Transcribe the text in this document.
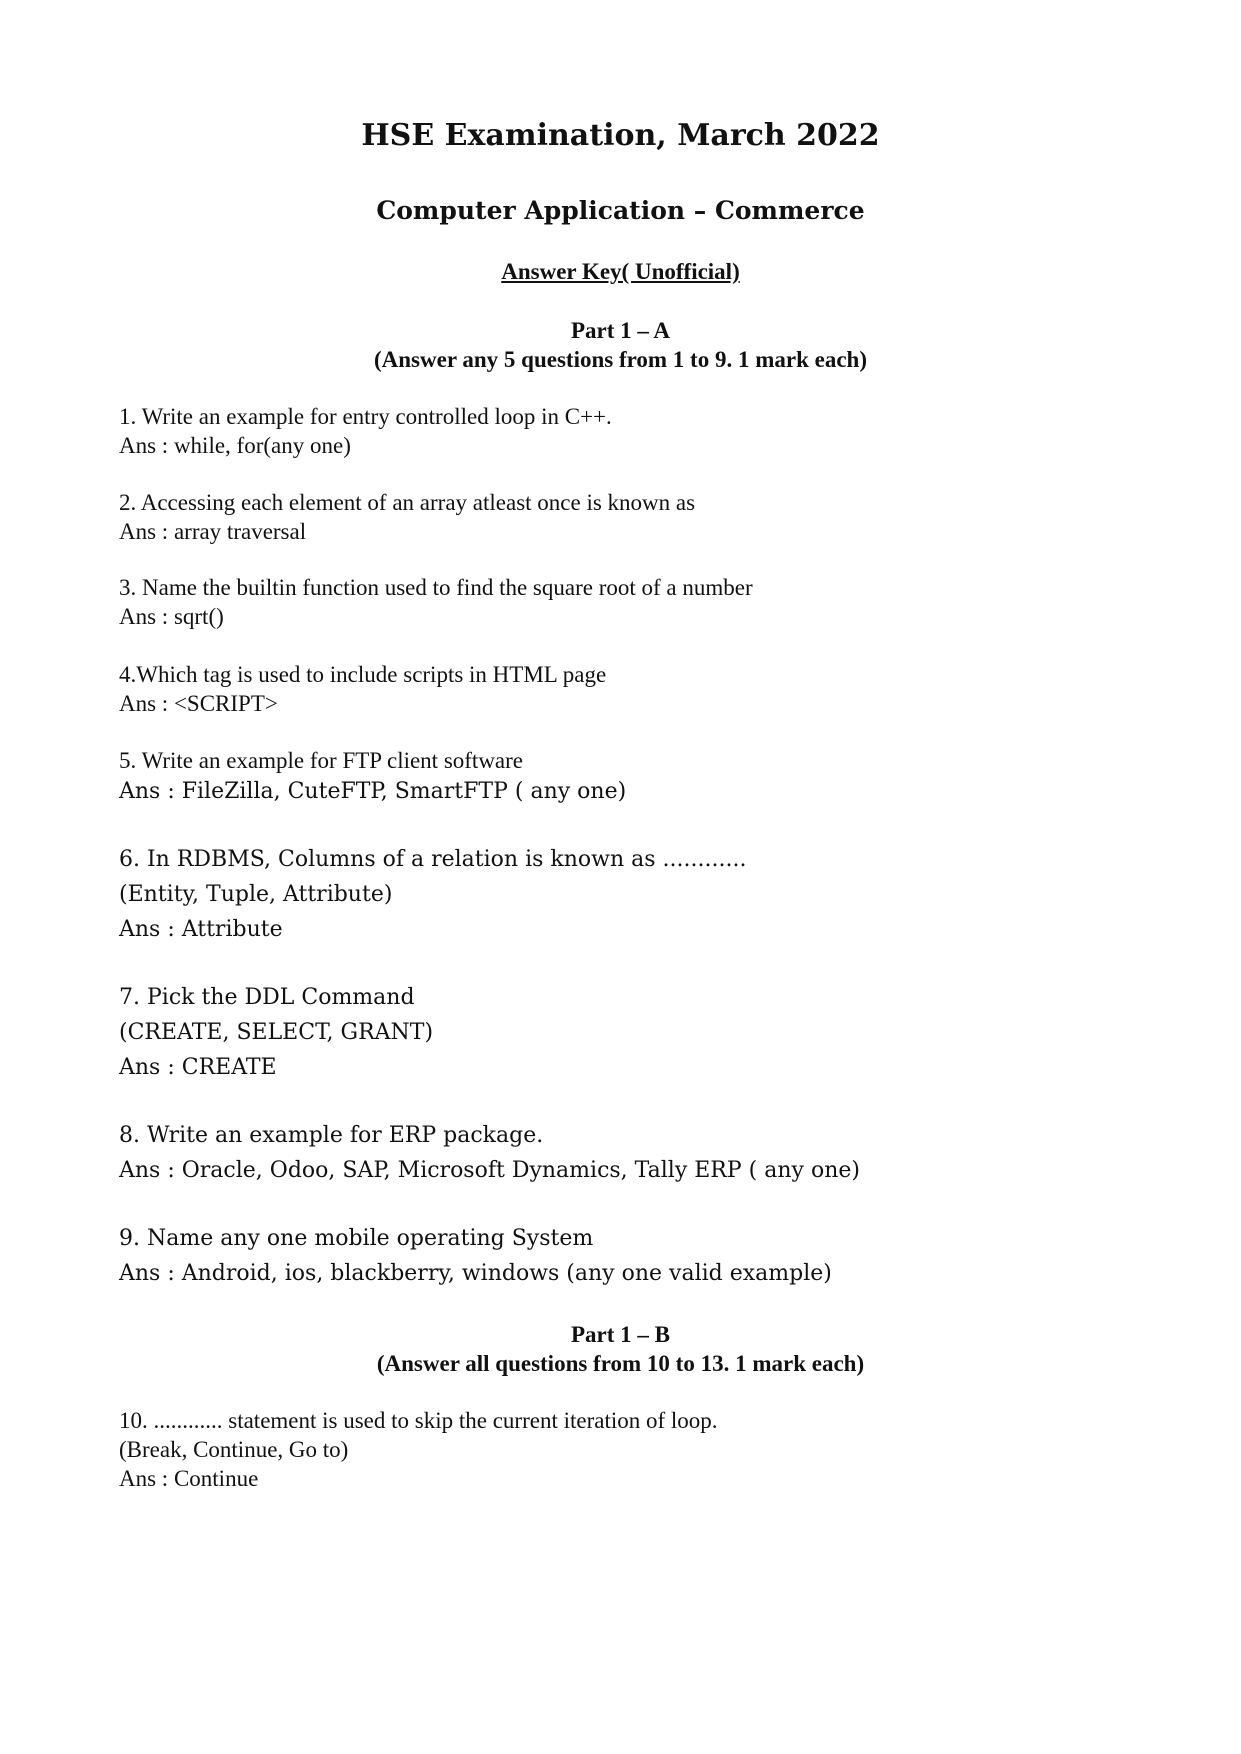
HSE Examination, March 2022
Computer Application – Commerce
Answer Key( Unofficial)
Part 1 – A
(Answer any 5 questions from 1 to 9. 1 mark each)
1. Write an example for entry controlled loop in C++.
Ans : while, for(any one)
2. Accessing each element of an array atleast once is known as
Ans : array traversal
3. Name the builtin function used to find the square root of a number
Ans : sqrt()
4.Which tag is used to include scripts in HTML page
Ans : <SCRIPT>
5. Write an example for FTP client software
Ans : FileZilla, CuteFTP, SmartFTP ( any one)
6. In RDBMS, Columns of a relation is known as ............
(Entity, Tuple, Attribute)
Ans : Attribute
7. Pick the DDL Command
(CREATE, SELECT, GRANT)
Ans : CREATE
8. Write an example for ERP package.
Ans : Oracle, Odoo, SAP, Microsoft Dynamics, Tally ERP ( any one)
9. Name any one mobile operating System
Ans : Android, ios, blackberry, windows (any one valid example)
Part 1 – B
(Answer all questions from 10 to 13. 1 mark each)
10. ............ statement is used to skip the current iteration of loop.
(Break, Continue, Go to)
Ans : Continue
